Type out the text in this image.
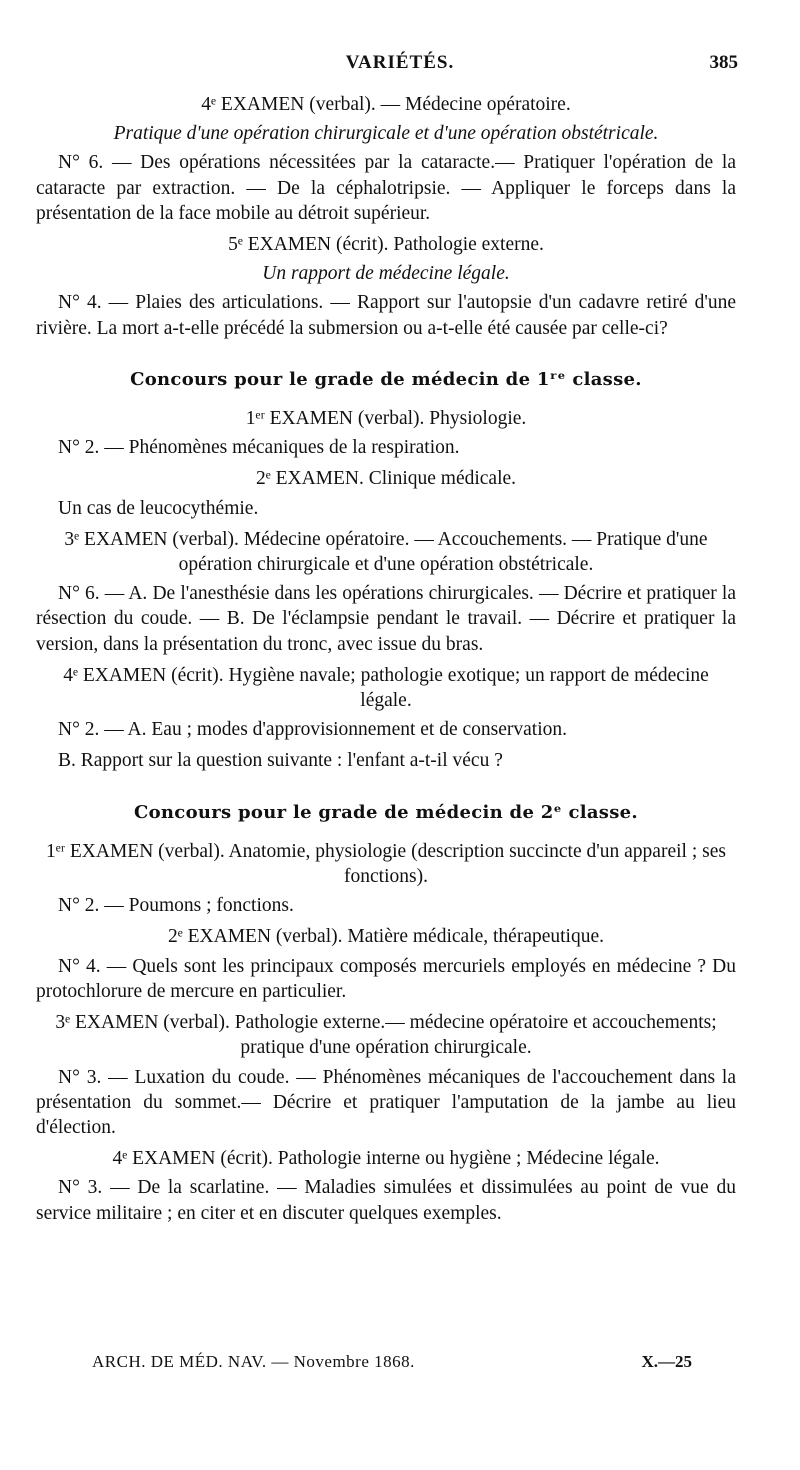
VARIÉTÉS.	385

4ᵉ EXAMEN (verbal). — Médecine opératoire.

Pratique d'une opération chirurgicale et d'une opération obstétricale.

N° 6. — Des opérations nécessitées par la cataracte.— Pratiquer l'opération de la cataracte par extraction. — De la céphalotripsie. — Appliquer le forceps dans la présentation de la face mobile au détroit supérieur.

5ᵉ EXAMEN (écrit). Pathologie externe.

Un rapport de médecine légale.

N° 4. — Plaies des articulations. — Rapport sur l'autopsie d'un cadavre retiré d'une rivière. La mort a-t-elle précédé la submersion ou a-t-elle été causée par celle-ci?

Concours pour le grade de médecin de 1ʳᵉ classe.

1ᵉʳ EXAMEN (verbal). Physiologie.

N° 2. — Phénomènes mécaniques de la respiration.

2ᵉ EXAMEN. Clinique médicale.

Un cas de leucocythémie.

3ᵉ EXAMEN (verbal). Médecine opératoire. — Accouchements. — Pratique d'une opération chirurgicale et d'une opération obstétricale.

N° 6. — A. De l'anesthésie dans les opérations chirurgicales. — Décrire et pratiquer la résection du coude. — B. De l'éclampsie pendant le travail. — Décrire et pratiquer la version, dans la présentation du tronc, avec issue du bras.

4ᵉ EXAMEN (écrit). Hygiène navale; pathologie exotique; un rapport de médecine légale.

N° 2. — A. Eau ; modes d'approvisionnement et de conservation.

B. Rapport sur la question suivante : l'enfant a-t-il vécu ?

Concours pour le grade de médecin de 2ᵉ classe.

1ᵉʳ EXAMEN (verbal). Anatomie, physiologie (description succincte d'un appareil ; ses fonctions).

N° 2. — Poumons ; fonctions.

2ᵉ EXAMEN (verbal). Matière médicale, thérapeutique.

N° 4. — Quels sont les principaux composés mercuriels employés en médecine ? Du protochlorure de mercure en particulier.

3ᵉ EXAMEN (verbal). Pathologie externe.— médecine opératoire et accouchements; pratique d'une opération chirurgicale.

N° 3. — Luxation du coude. — Phénomènes mécaniques de l'accouchement dans la présentation du sommet.— Décrire et pratiquer l'amputation de la jambe au lieu d'élection.

4ᵉ EXAMEN (écrit). Pathologie interne ou hygiène ; Médecine légale.

N° 3. — De la scarlatine. — Maladies simulées et dissimulées au point de vue du service militaire ; en citer et en discuter quelques exemples.

ARCH. DE MÉD. NAV. — Novembre 1868.	X.—25
